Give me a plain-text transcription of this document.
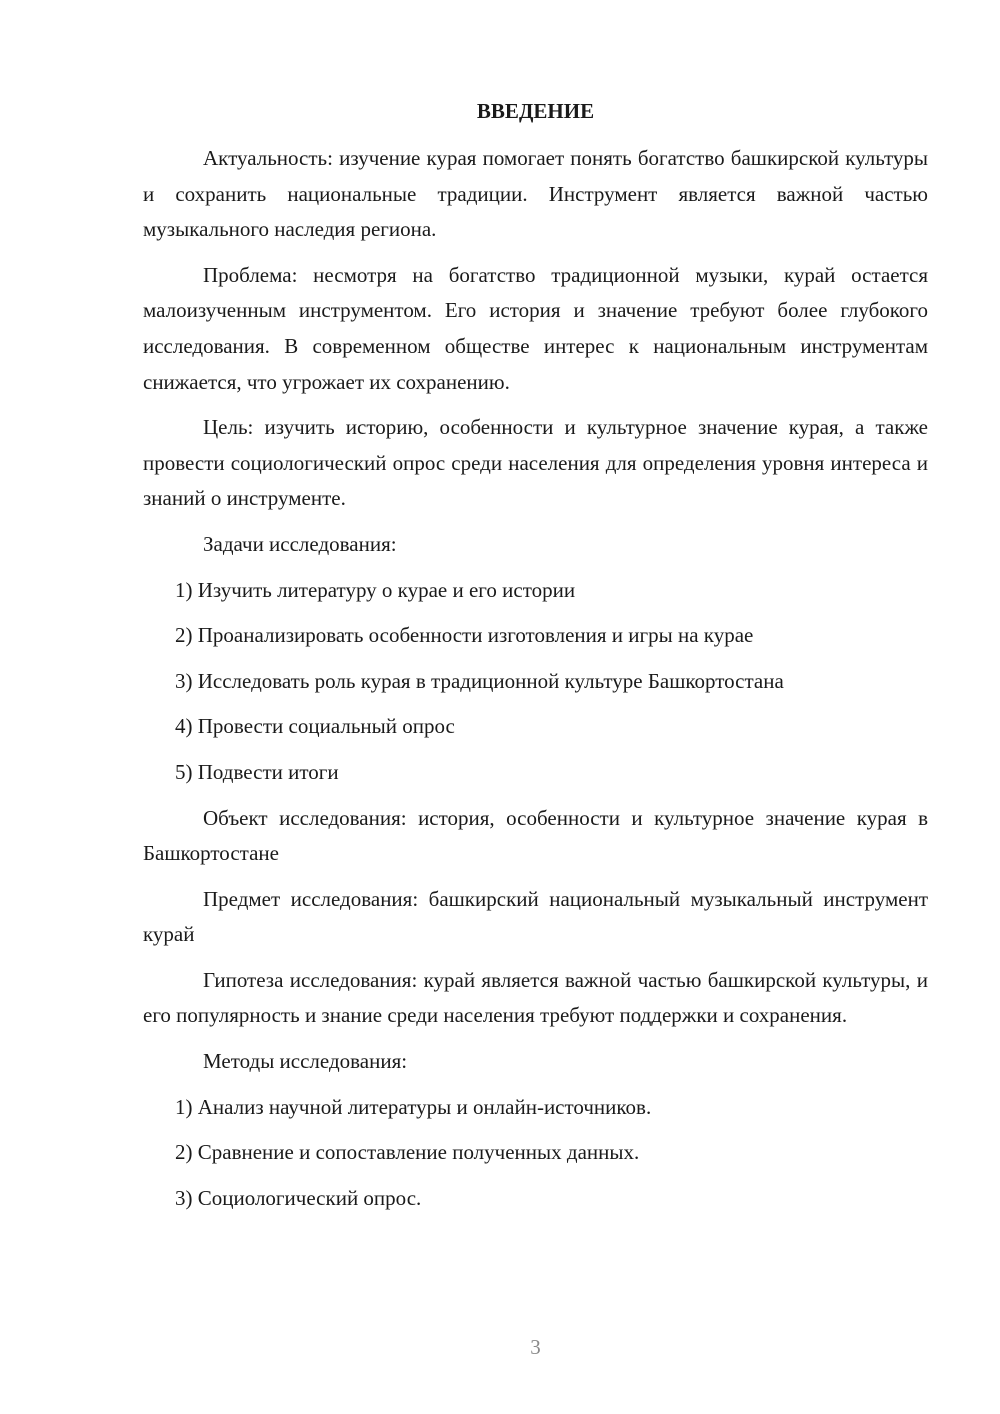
ВВЕДЕНИЕ

Актуальность: изучение курая помогает понять богатство башкирской культуры и сохранить национальные традиции. Инструмент является важной частью музыкального наследия региона.

Проблема: несмотря на богатство традиционной музыки, курай остается малоизученным инструментом. Его история и значение требуют более глубокого исследования. В современном обществе интерес к национальным инструментам снижается, что угрожает их сохранению.

Цель: изучить историю, особенности и культурное значение курая, а также провести социологический опрос среди населения для определения уровня интереса и знаний о инструменте.

Задачи исследования:

1) Изучить литературу о курае и его истории

2) Проанализировать особенности изготовления и игры на курае

3) Исследовать роль курая в традиционной культуре Башкортостана

4) Провести социальный опрос

5) Подвести итоги

Объект исследования: история, особенности и культурное значение курая в Башкортостане

Предмет исследования: башкирский национальный музыкальный инструмент курай

Гипотеза исследования: курай является важной частью башкирской культуры, и его популярность и знание среди населения требуют поддержки и сохранения.

Методы исследования:

1) Анализ научной литературы и онлайн-источников.

2) Сравнение и сопоставление полученных данных.

3) Социологический опрос.

3
